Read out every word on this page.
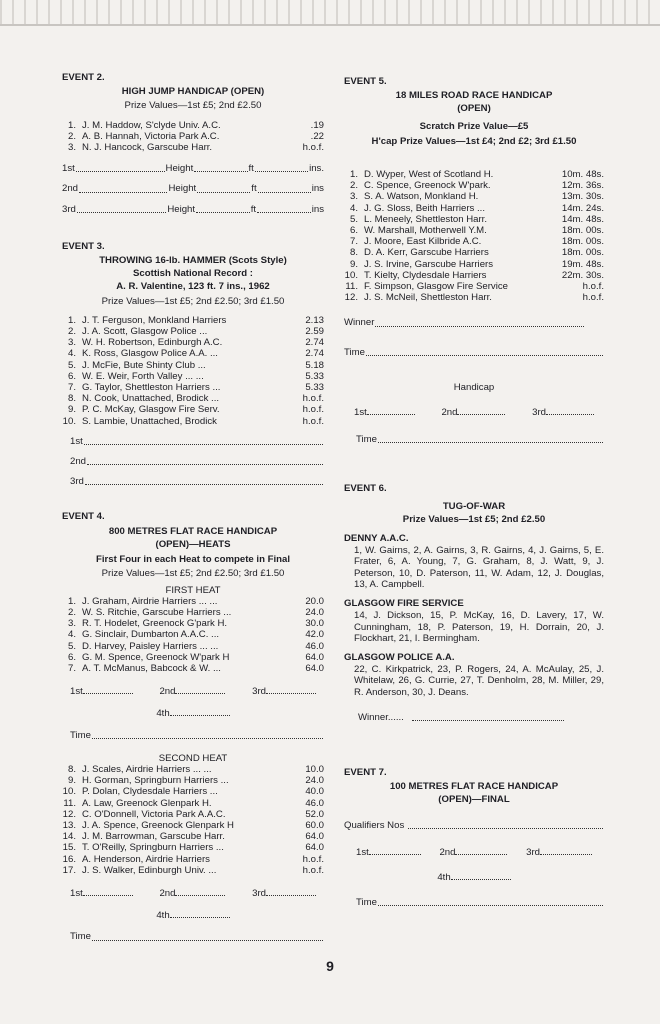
EVENT 2.

HIGH JUMP HANDICAP (OPEN)

Prize Values—1st £5; 2nd £2.50

1. J. M. Haddow, S'clyde Univ. A.C.	.19
2. A. B. Hannah, Victoria Park A.C.	.22
3. N. J. Hancock, Garscube Harr.	h.o.f.
1st	Height	ft	ins.
2nd	Height	ft	ins
3rd	Height	ft	ins

EVENT 3.

THROWING 16-lb. HAMMER (Scots Style)

Scottish National Record :

A. R. Valentine, 123 ft. 7 ins., 1962

Prize Values—1st £5; 2nd £2.50; 3rd £1.50

1. J. T. Ferguson, Monkland Harriers	2.13
2. J. A. Scott, Glasgow Police ...	2.59
3. W. H. Robertson, Edinburgh A.C.	2.74
4. K. Ross, Glasgow Police A.A. ...	2.74
5. J. McFie, Bute Shinty Club ...	5.18
6. W. E. Weir, Forth Valley ... ...	5.33
7. G. Taylor, Shettleston Harriers ...	5.33
8. N. Cook, Unattached, Brodick ...	h.o.f.
9. P. C. McKay, Glasgow Fire Serv.	h.o.f.
10. S. Lambie, Unattached, Brodick	h.o.f.
1st
2nd
3rd

EVENT 4.

800 METRES FLAT RACE HANDICAP

(OPEN)—HEATS

First Four in each Heat to compete in Final

Prize Values—1st £5; 2nd £2.50; 3rd £1.50

FIRST HEAT

1. J. Graham, Airdrie Harriers ... ...	20.0
2. W. S. Ritchie, Garscube Harriers ...	24.0
3. R. T. Hodelet, Greenock G'park H.	30.0
4. G. Sinclair, Dumbarton A.A.C. ...	42.0
5. D. Harvey, Paisley Harriers ... ...	46.0
6. G. M. Spence, Greenock W'park H	64.0
7. A. T. McManus, Babcock & W. ...	64.0
1st	2nd	3rd
4th
Time

SECOND HEAT

8. J. Scales, Airdrie Harriers ... ...	10.0
9. H. Gorman, Springburn Harriers ...	24.0
10. P. Dolan, Clydesdale Harriers ...	40.0
11. A. Law, Greenock Glenpark H.	46.0
12. C. O'Donnell, Victoria Park A.A.C.	52.0
13. J. A. Spence, Greenock Glenpark H	60.0
14. J. M. Barrowman, Garscube Harr.	64.0
15. T. O'Reilly, Springburn Harriers ...	64.0
16. A. Henderson, Airdrie Harriers	h.o.f.
17. J. S. Walker, Edinburgh Univ. ...	h.o.f.
1st	2nd	3rd
4th
Time

EVENT 5.

18 MILES ROAD RACE HANDICAP

(OPEN)

Scratch Prize Value—£5

H'cap Prize Values—1st £4; 2nd £2; 3rd £1.50

1. D. Wyper, West of Scotland H.	10m. 48s.
2. C. Spence, Greenock W'park.	12m. 36s.
3. S. A. Watson, Monkland H.	13m. 30s.
4. J. G. Sloss, Beith Harriers ...	14m. 24s.
5. L. Meneely, Shettleston Harr.	14m. 48s.
6. W. Marshall, Motherwell Y.M.	18m. 00s.
7. J. Moore, East Kilbride A.C.	18m. 00s.
8. D. A. Kerr, Garscube Harriers	18m. 00s.
9. J. S. Irvine, Garscube Harriers	19m. 48s.
10. T. Kielty, Clydesdale Harriers	22m. 30s.
11. F. Simpson, Glasgow Fire Service	h.o.f.
12. J. S. McNeil, Shettleston Harr.	h.o.f.
Winner
Time

Handicap

1st	2nd	3rd
Time

EVENT 6.

TUG-OF-WAR

Prize Values—1st £5; 2nd £2.50

DENNY A.A.C.

1, W. Gairns, 2, A. Gairns, 3, R. Gairns, 4, J. Gairns, 5, E. Frater, 6, A. Young, 7, G. Graham, 8, J. Watt, 9, J. Peterson, 10, D. Paterson, 11, W. Adam, 12, J. Douglas, 13, A. Campbell.

GLASGOW FIRE SERVICE

14, J. Dickson, 15, P. McKay, 16, D. Lavery, 17, W. Cunningham, 18, P. Paterson, 19, H. Dorrain, 20, J. Flockhart, 21, I. Bermingham.

GLASGOW POLICE A.A.

22, C. Kirkpatrick, 23, P. Rogers, 24, A. McAulay, 25, J. Whitelaw, 26, G. Currie, 27, T. Denholm, 28, M. Miller, 29, R. Anderson, 30, J. Deans.

Winner......

EVENT 7.

100 METRES FLAT RACE HANDICAP

(OPEN)—FINAL

Qualifiers Nos
1st	2nd	3rd
4th
Time
9
